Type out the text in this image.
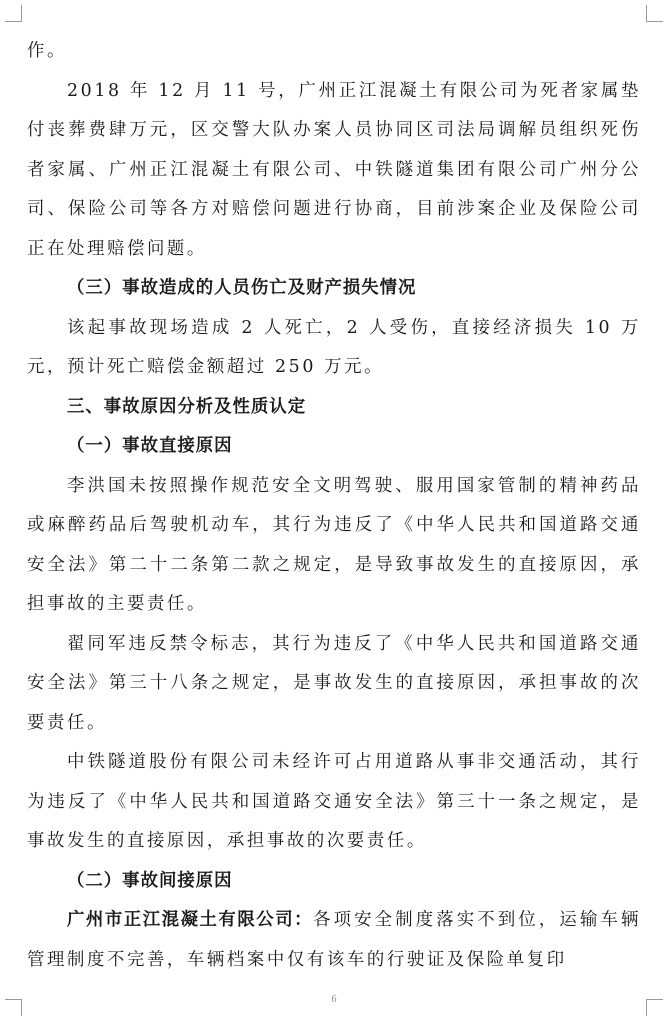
作。

2018 年 12 月 11 号，广州正江混凝土有限公司为死者家属垫付丧葬费肆万元，区交警大队办案人员协同区司法局调解员组织死伤者家属、广州正江混凝土有限公司、中铁隧道集团有限公司广州分公司、保险公司等各方对赔偿问题进行协商，目前涉案企业及保险公司正在处理赔偿问题。

（三）事故造成的人员伤亡及财产损失情况

该起事故现场造成 2 人死亡，2 人受伤，直接经济损失 10 万元，预计死亡赔偿金额超过 250 万元。

三、事故原因分析及性质认定

（一）事故直接原因

李洪国未按照操作规范安全文明驾驶、服用国家管制的精神药品或麻醉药品后驾驶机动车，其行为违反了《中华人民共和国道路交通安全法》第二十二条第二款之规定，是导致事故发生的直接原因，承担事故的主要责任。

翟同军违反禁令标志，其行为违反了《中华人民共和国道路交通安全法》第三十八条之规定，是事故发生的直接原因，承担事故的次要责任。

中铁隧道股份有限公司未经许可占用道路从事非交通活动，其行为违反了《中华人民共和国道路交通安全法》第三十一条之规定，是事故发生的直接原因，承担事故的次要责任。

（二）事故间接原因

广州市正江混凝土有限公司：各项安全制度落实不到位，运输车辆管理制度不完善，车辆档案中仅有该车的行驶证及保险单复印

6
